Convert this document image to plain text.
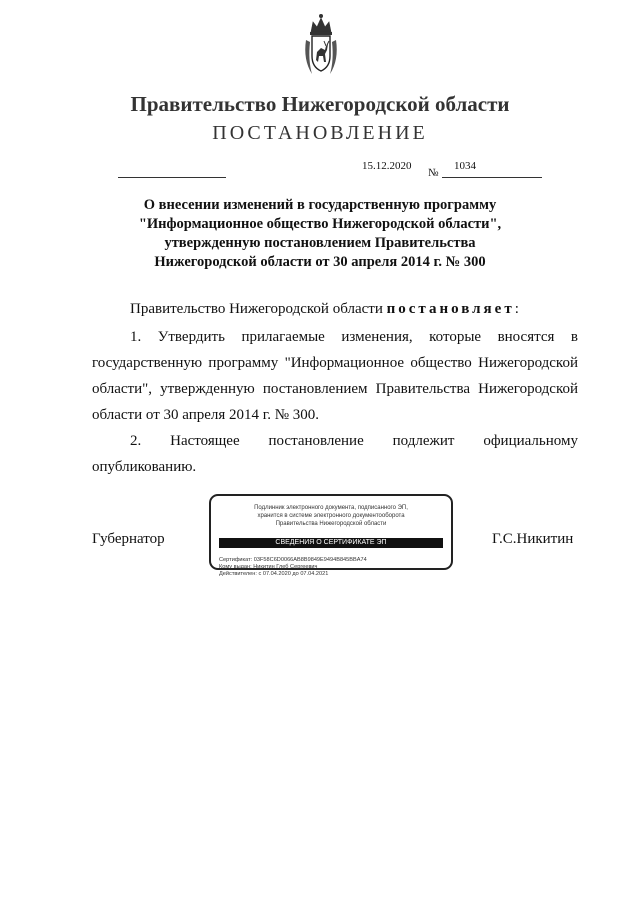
Правительство Нижегородской области
ПОСТАНОВЛЕНИЕ
15.12.2020
№
1034
О внесении изменений в государственную программу
"Информационное общество Нижегородской области",
утвержденную постановлением Правительства
Нижегородской области от 30 апреля 2014 г. № 300

Правительство Нижегородской области постановляет:

1. Утвердить прилагаемые изменения, которые вносятся в государственную программу "Информационное общество Нижегородской области", утвержденную постановлением Правительства Нижегородской области от 30 апреля 2014 г. № 300.

2. Настоящее постановление подлежит официальному опубликованию.

Губернатор	Г.С.Никитин
Подлинник электронного документа, подписанного ЭП,
хранится в системе электронного документооборота
Правительства Нижегородской области
СВЕДЕНИЯ О СЕРТИФИКАТЕ ЭП
Сертификат: 03F58C6D0066AB8B9849E9494B845BBA74
Кому выдан: Никитин Глеб Сергеевич
Действителен: с 07.04.2020 до 07.04.2021
